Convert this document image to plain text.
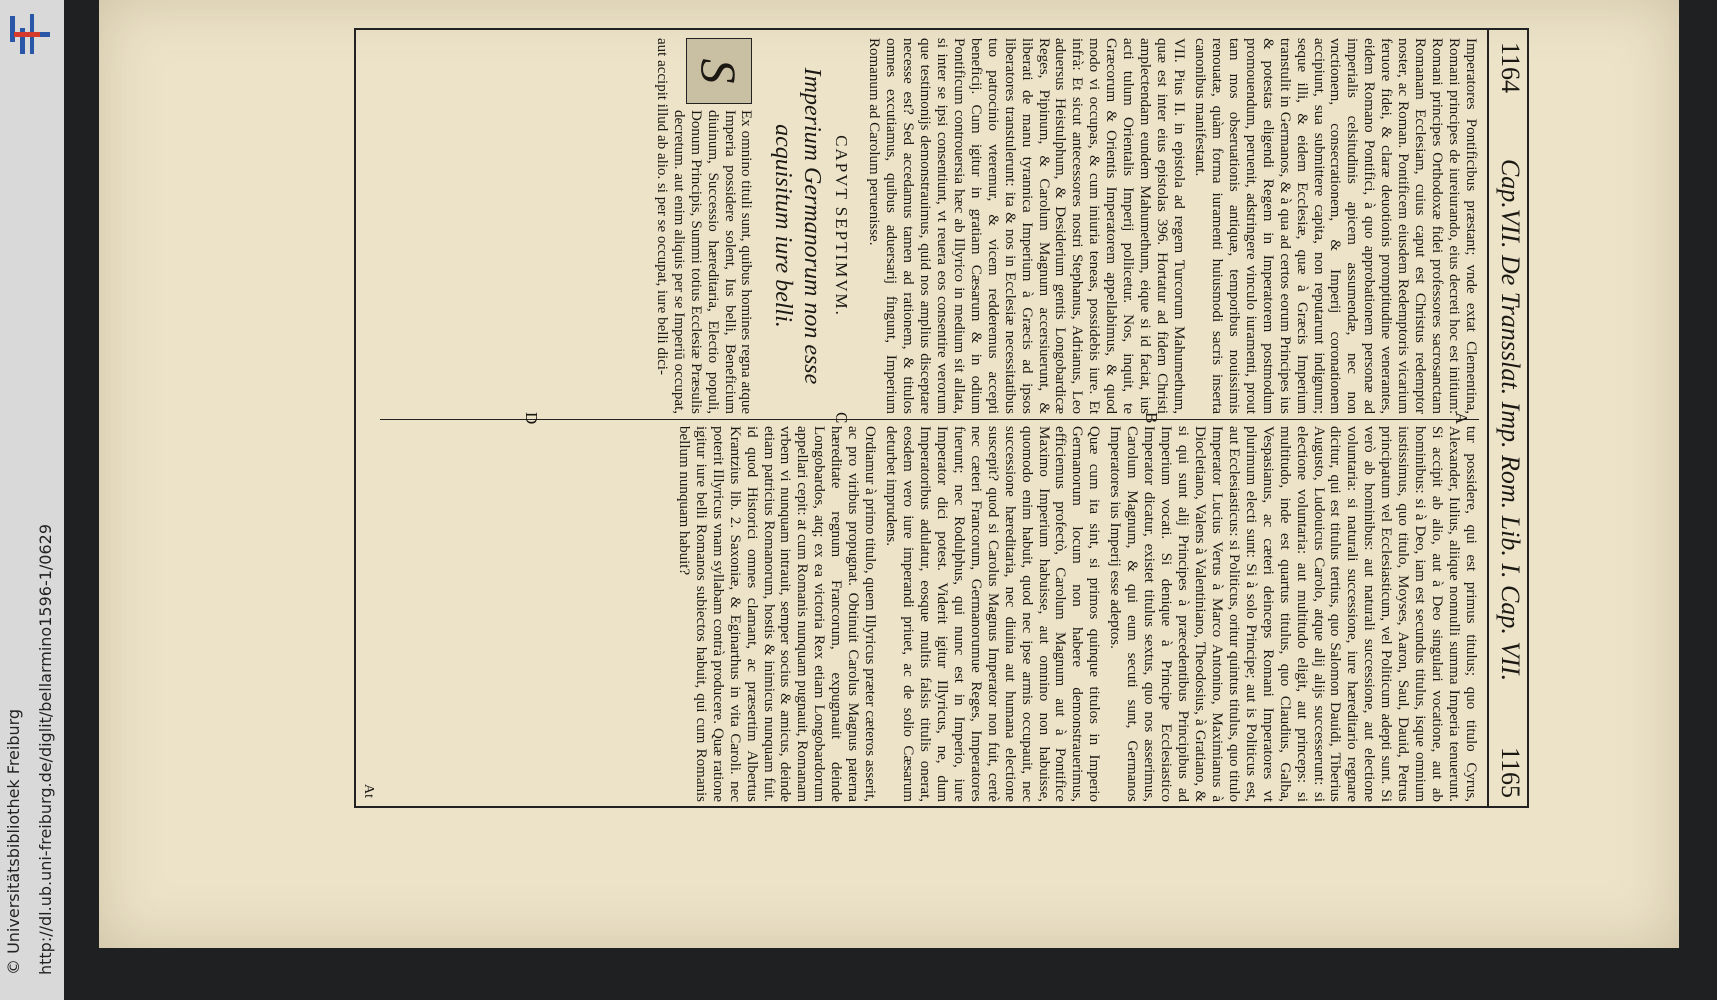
http://dl.ub.uni-freiburg.de/diglit/bellarmino1596-1/0629
© Universitätsbibliothek Freiburg
1164
Cap.VII. De Transslat. Imp. Rom. Lib. I. Cap. VII.
1165

Imperatores Pontificibus præstant; vnde extat Clementina, Romani principes de iureiurando, eius decreti hoc est initium: Romani principes Orthodoxæ fidei professores sacrosanctam Romanam Ecclesiam, cuius caput est Christus redemptor noster, ac Roman. Pontificem eiusdem Redemptoris vicarium feruore fidei, & claræ deuotionis promptitudine venerantes, eidem Romano Pontifici, à quo approbationem personæ ad imperialis celsitudinis apicem assumendæ, nec non vnctionem, consecrationem, & Imperij coronationem accipiunt, sua submittere capita, non reputarunt indignum; seque illi, & eidem Ecclesiæ, quæ à Græcis Imperium transtulit in Germanos, & à qua ad certos eorum Principes ius & potestas eligendi Regem in Imperatorem postmodum promouendum, peruenit, adstringere vinculo iuramenti, prout tam mos obseruationis antiquæ, temporibus nouissimis renouatæ, quàm forma iuramenti huiusmodi sacris inserta canonibus manifestant.

VII. Pius II. in epistola ad regem Turcorum Mahumethum, quæ est inter eius epistolas 396. Hortatur ad fidem Christi amplectendam eundem Mahumethum, eique si id faciat, ius acti tulum Orientalis Imperij pollicetur. Nos, inquit, te Græcorum & Orientis Imperatorem appellabimus, & quod modo vi occupas, & cum iniuria teneas, possidebis iure. Et infrà: Et sicut antecessores nostri Stephanus, Adrianus, Leo aduersus Heistulphum, & Desiderium gentis Longobardicæ Reges, Pipinum, & Carolum Magnum accersiuerunt, & liberati de manu tyrannica Imperium à Græcis ad ipsos liberatores transtulerunt: ita & nos in Ecclesiæ necessitatibus tuo patrocinio vteremur, & vicem redderemus accepti beneficij. Cum igitur in gratiam Cæsarum & in odium Pontificum controuersia hæc ab Illyrico in medium sit allata, si inter se ipsi consentiunt, vt reuera eos consentire verorum que testimonijs demonstrauimus, quid nos amplius disceptare necesse est? Sed accedamus tamen ad rationem, & titulos omnes excutiamus, quibus aduersarij fingunt, Imperium Romanum ad Carolum peruenisse.

CAPVT SEPTIMVM.
Imperium Germanorum non esse acquisitum iure belli.

S
Ex omnino tituli sunt, quibus homines regna atque Imperia possidere solent, Ius belli, Beneficium diuinum, Successio hæreditaria, Electio populi, Donum Principis, Summi totius Ecclesiæ Præsulis decretum. aut enim aliquis per se Imperiū occupat, aut accipit illud ab alio. si per se occupat, iure belli dici-

A
B
C
D

tur possidere, qui est primus titulus; quo titulo Cyrus, Alexander, Iulius, aliique nonnulli summa Imperia tenuerunt. Si accipit ab alio, aut à Deo singulari vocatione, aut ab hominibus: si à Deo, iam est secundus titulus, isque omnium iustissimus, quo titulo, Moyses, Aaron, Saul, Dauid, Petrus principatum vel Ecclesiasticum, vel Politicum adepti sunt. Si verò ab hominibus: aut naturali successione, aut electione voluntaria: si naturali successione, iure hæreditario regnare dicitur, qui est titulus tertius, quo Salomon Dauidi, Tiberius Augusto, Ludouicus Carolo, atque alij alijs successerunt: si electione voluntaria: aut multitudo eligit, aut princeps: si multitudo, inde est quartus titulus, quo Claudius, Galba, Vespasianus, ac cæteri deinceps Romani Imperatores vt plurimum electi sunt: Si à solo Principe; aut is Politicus est, aut Ecclesiasticus: si Politicus, oritur quintus titulus, quo titulo Imperator Lucius Verus à Marco Antonino, Maximianus à Diocletiano, Valens à Valentiniano, Theodosius, à Gratiano, & si qui sunt alij Principes à præcedentibus Principibus ad Imperium vocati. Si denique à Principe Ecclesiastico Imperator dicatur, existet titulus sextus, quo nos asserimus, Carolum Magnum, & qui eum secuti sunt, Germanos Imperatores ius Imperij esse adeptos.

Quæ cum ita sint, si primos quinque titulos in Imperio Germanorum locum non habere demonstrauerimus, efficiemus profectò, Carolum Magnum aut à Pontifice Maximo Imperium habuisse, aut omnino non habuisse, quomodo enim habuit, quod nec ipse armis occupauit, nec successione hæreditaria, nec diuina aut humana electione suscepit? quod si Carolus Magnus Imperator non fuit, certè nec cæteri Francorum, Germanorumue Reges, Imperatores fuerunt; nec Rodulphus, qui nunc est in Imperio, iure Imperator dici potest. Viderit igitur Illyricus, ne, dum Imperatoribus adulatur, eosque multis falsis titulis onerat, eosdem vero iure imperandi priuet, ac de solio Cæsarum deturbet imprudens.

Ordiamur à primo titulo, quem Illyricus præter cæteros asserit, ac pro viribus propugnat. Obtinuit Carolus Magnus paterna hæreditate regnum Francorum, expugnauit deinde Longobardos, atq; ex ea victoria Rex etiam Longobardorum appellari cepit: at cum Romanis nunquam pugnauit, Romanam vrbem vi nunquam intrauit, semper socius & amicus, deinde etiam patricius Romanorum, hostis & inimicus nunquam fuit. id quod Historici omnes clamant, ac præsertim Albertus Krantzius lib. 2. Saxoniæ, & Eginarthus in vita Caroli. nec poterit Illyricus vnam syllabam contrà producere. Quæ ratione igitur iure belli Romanos subiectos habuit, qui cum Romanis bellum nunquam habuit?

At
